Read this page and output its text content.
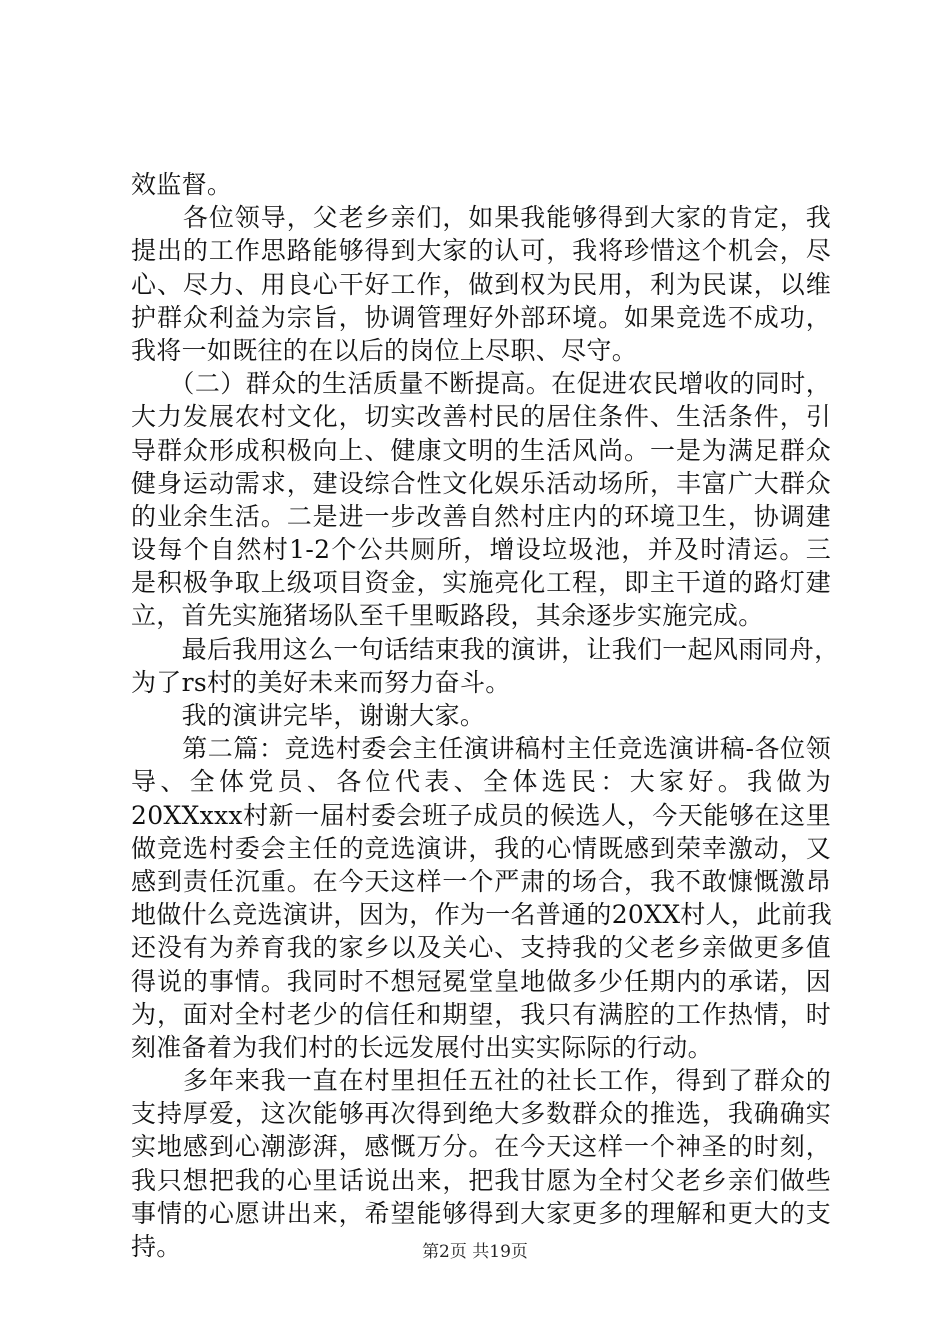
效监督。
　　各位领导，父老乡亲们，如果我能够得到大家的肯定，我
提出的工作思路能够得到大家的认可，我将珍惜这个机会，尽
心、尽力、用良心干好工作，做到权为民用，利为民谋，以维
护群众利益为宗旨，协调管理好外部环境。如果竞选不成功，
我将一如既往的在以后的岗位上尽职、尽守。
　　（二）群众的生活质量不断提高。在促进农民增收的同时，
大力发展农村文化，切实改善村民的居住条件、生活条件，引
导群众形成积极向上、健康文明的生活风尚。一是为满足群众
健身运动需求，建设综合性文化娱乐活动场所，丰富广大群众
的业余生活。二是进一步改善自然村庄内的环境卫生，协调建
设每个自然村1-2个公共厕所，增设垃圾池，并及时清运。三
是积极争取上级项目资金，实施亮化工程，即主干道的路灯建
立，首先实施猪场队至千里畈路段，其余逐步实施完成。
　　最后我用这么一句话结束我的演讲，让我们一起风雨同舟，
为了rs村的美好未来而努力奋斗。
　　我的演讲完毕，谢谢大家。
　　第二篇：竞选村委会主任演讲稿村主任竞选演讲稿-各位领
导、全体党员、各位代表、全体选民：大家好。我做为
20XXxxx村新一届村委会班子成员的候选人，今天能够在这里
做竞选村委会主任的竞选演讲，我的心情既感到荣幸激动，又
感到责任沉重。在今天这样一个严肃的场合，我不敢慷慨激昂
地做什么竞选演讲，因为，作为一名普通的20XX村人，此前我
还没有为养育我的家乡以及关心、支持我的父老乡亲做更多值
得说的事情。我同时不想冠冕堂皇地做多少任期内的承诺，因
为，面对全村老少的信任和期望，我只有满腔的工作热情，时
刻准备着为我们村的长远发展付出实实际际的行动。
　　多年来我一直在村里担任五社的社长工作，得到了群众的
支持厚爱，这次能够再次得到绝大多数群众的推选，我确确实
实地感到心潮澎湃，感慨万分。在今天这样一个神圣的时刻，
我只想把我的心里话说出来，把我甘愿为全村父老乡亲们做些
事情的心愿讲出来，希望能够得到大家更多的理解和更大的支
持。	第2页 共19页
